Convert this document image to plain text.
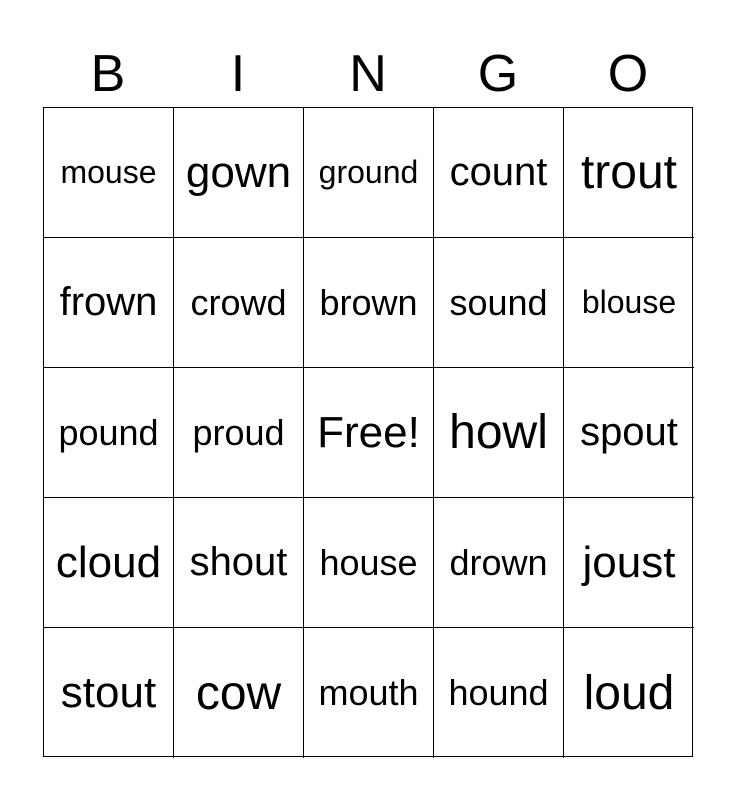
B	I	N	G	O
mouse gown ground count trout
frown crowd brown sound	blouse
pound proud Free! howl spout
cloud shout house drown joust
stout cow	mouth hound loud
